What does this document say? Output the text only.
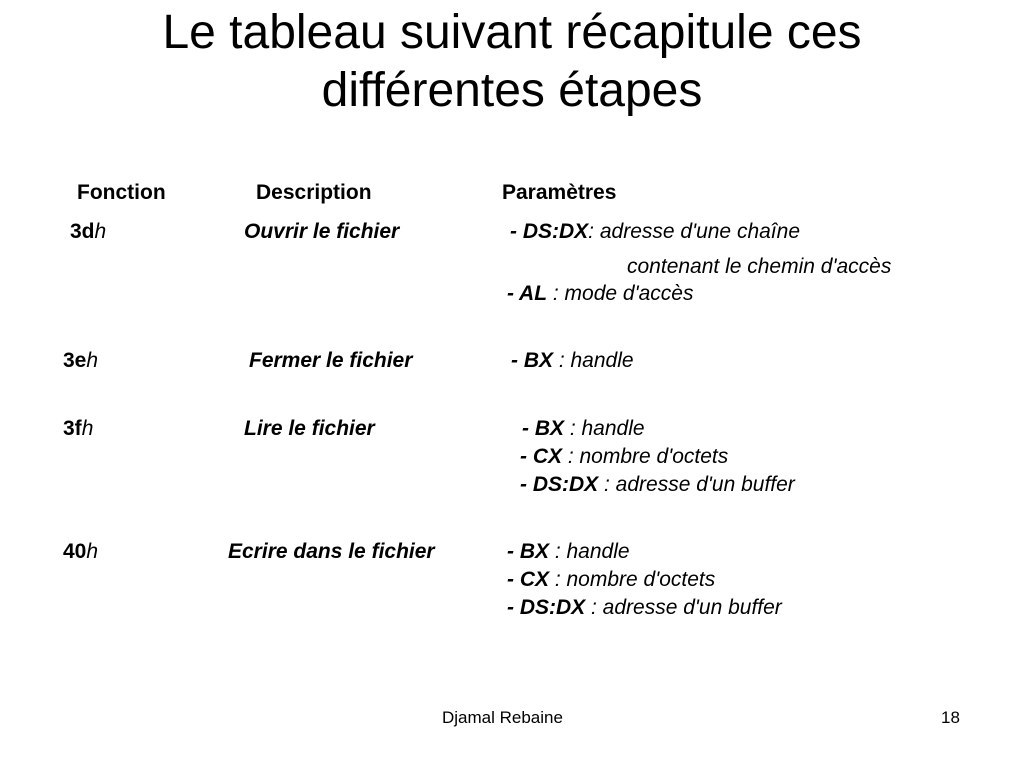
Le tableau suivant récapitule ces
différentes étapes
Fonction	Description	Paramètres
3dh	Ouvrir le fichier	- DS:DX: adresse d'une chaîne
contenant le chemin d'accès
- AL : mode d'accès
3eh	Fermer le fichier	- BX : handle
3fh	Lire le fichier	- BX : handle
- CX : nombre d'octets
- DS:DX : adresse d'un buffer
40h	Ecrire dans le fichier	- BX : handle
- CX : nombre d'octets
- DS:DX : adresse d'un buffer
Djamal Rebaine	18
